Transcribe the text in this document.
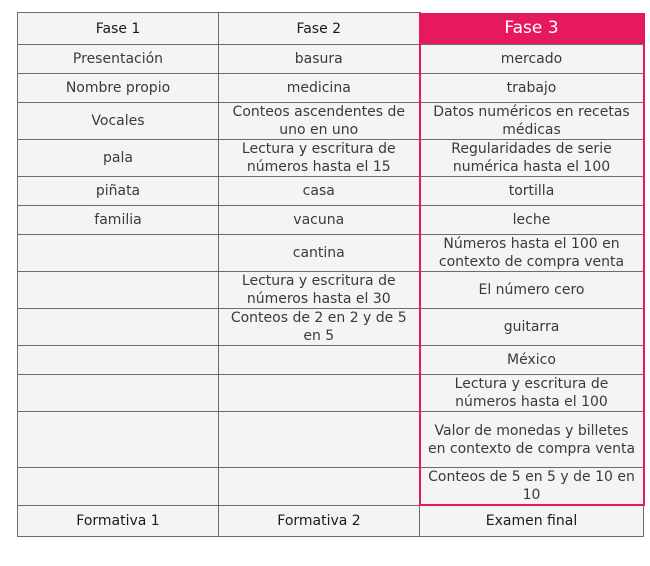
Fase 1	Fase 2	Fase 3
Presentación	basura	mercado
Nombre propio	medicina	trabajo
Vocales	Conteos ascendentes de uno en uno	Datos numéricos en recetas médicas
pala	Lectura y escritura de números hasta el 15	Regularidades de serie numérica hasta el 100
piñata	casa	tortilla
familia	vacuna	leche
	cantina	Números hasta el 100 en contexto de compra venta
	Lectura y escritura de números hasta el 30	El número cero
	Conteos de 2 en 2 y de 5 en 5	guitarra
		México
		Lectura y escritura de números hasta el 100
		Valor de monedas y billetes en contexto de compra venta
		Conteos de 5 en 5 y de 10 en 10
Formativa 1	Formativa 2	Examen final
